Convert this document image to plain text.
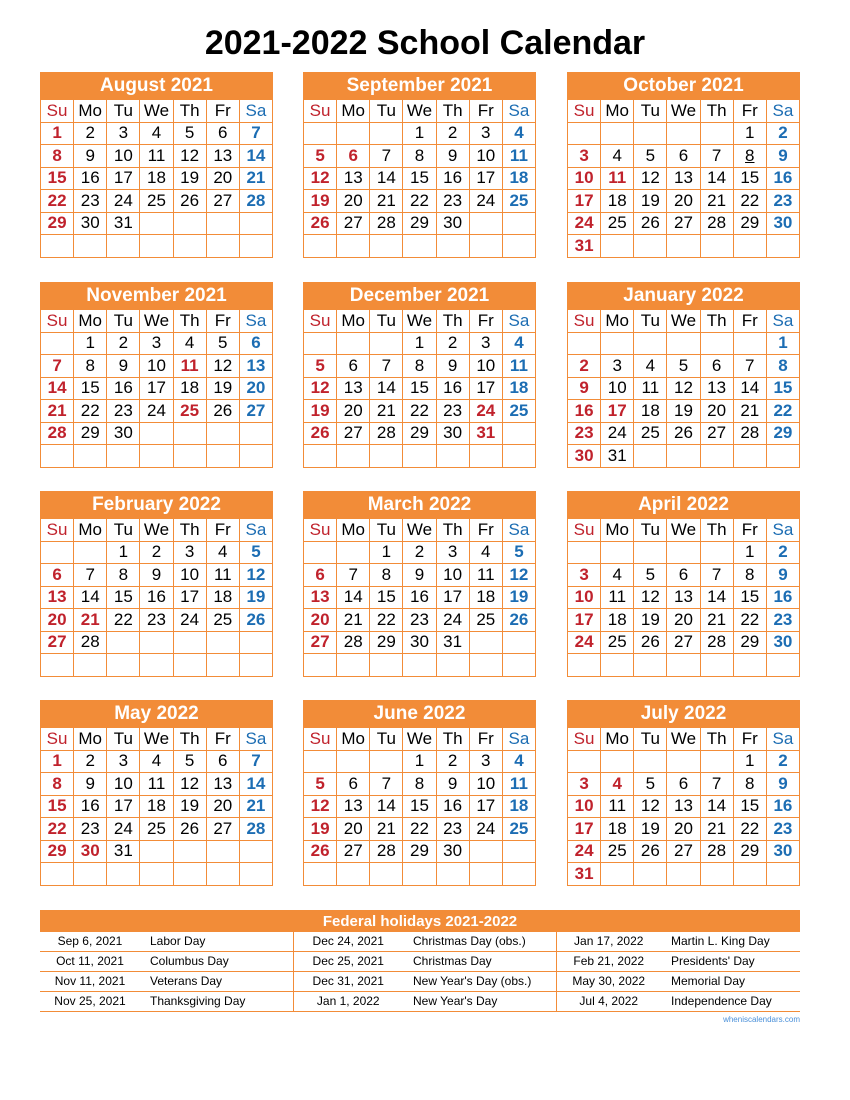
2021-2022 School Calendar
August 2021
Su	Mo	Tu	We	Th	Fr	Sa
1	2	3	4	5	6	7
8	9	10	11	12	13	14
15	16	17	18	19	20	21
22	23	24	25	26	27	28
29	30	31				

September 2021
Su	Mo	Tu	We	Th	Fr	Sa
			1	2	3	4
5	6	7	8	9	10	11
12	13	14	15	16	17	18
19	20	21	22	23	24	25
26	27	28	29	30		

October 2021
Su	Mo	Tu	We	Th	Fr	Sa
					1	2
3	4	5	6	7	8	9
10	11	12	13	14	15	16
17	18	19	20	21	22	23
24	25	26	27	28	29	30
31						
November 2021
Su	Mo	Tu	We	Th	Fr	Sa
	1	2	3	4	5	6
7	8	9	10	11	12	13
14	15	16	17	18	19	20
21	22	23	24	25	26	27
28	29	30				

December 2021
Su	Mo	Tu	We	Th	Fr	Sa
			1	2	3	4
5	6	7	8	9	10	11
12	13	14	15	16	17	18
19	20	21	22	23	24	25
26	27	28	29	30	31	

January 2022
Su	Mo	Tu	We	Th	Fr	Sa
						1
2	3	4	5	6	7	8
9	10	11	12	13	14	15
16	17	18	19	20	21	22
23	24	25	26	27	28	29
30	31					
February 2022
Su	Mo	Tu	We	Th	Fr	Sa
		1	2	3	4	5
6	7	8	9	10	11	12
13	14	15	16	17	18	19
20	21	22	23	24	25	26
27	28					

March 2022
Su	Mo	Tu	We	Th	Fr	Sa
		1	2	3	4	5
6	7	8	9	10	11	12
13	14	15	16	17	18	19
20	21	22	23	24	25	26
27	28	29	30	31		

April 2022
Su	Mo	Tu	We	Th	Fr	Sa
					1	2
3	4	5	6	7	8	9
10	11	12	13	14	15	16
17	18	19	20	21	22	23
24	25	26	27	28	29	30

May 2022
Su	Mo	Tu	We	Th	Fr	Sa
1	2	3	4	5	6	7
8	9	10	11	12	13	14
15	16	17	18	19	20	21
22	23	24	25	26	27	28
29	30	31				

June 2022
Su	Mo	Tu	We	Th	Fr	Sa
			1	2	3	4
5	6	7	8	9	10	11
12	13	14	15	16	17	18
19	20	21	22	23	24	25
26	27	28	29	30		

July 2022
Su	Mo	Tu	We	Th	Fr	Sa
					1	2
3	4	5	6	7	8	9
10	11	12	13	14	15	16
17	18	19	20	21	22	23
24	25	26	27	28	29	30
31						
Federal holidays 2021-2022
Sep 6, 2021	Labor Day	Dec 24, 2021	Christmas Day (obs.)	Jan 17, 2022	Martin L. King Day
Oct 11, 2021	Columbus Day	Dec 25, 2021	Christmas Day	Feb 21, 2022	Presidents' Day
Nov 11, 2021	Veterans Day	Dec 31, 2021	New Year's Day (obs.)	May 30, 2022	Memorial Day
Nov 25, 2021	Thanksgiving Day	Jan 1, 2022	New Year's Day	Jul 4, 2022	Independence Day
wheniscalendars.com
